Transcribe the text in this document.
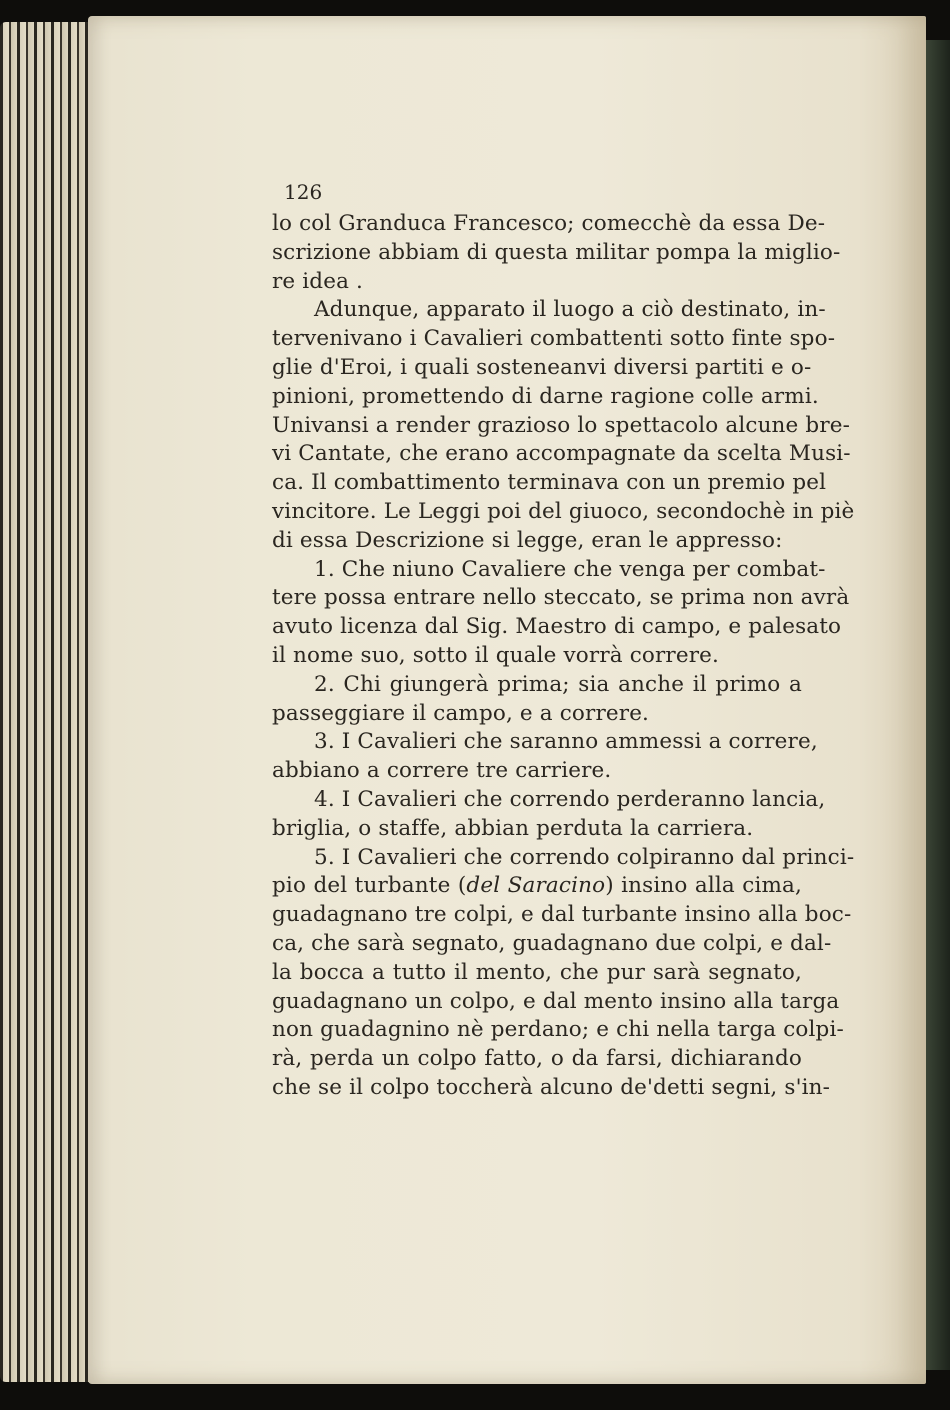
126
lo col Granduca Francesco; comecchè da essa De-
scrizione abbiam di questa militar pompa la miglio-
re idea .
Adunque, apparato il luogo a ciò destinato, in-
tervenivano i Cavalieri combattenti sotto finte spo-
glie d'Eroi, i quali sosteneanvi diversi partiti e o-
pinioni, promettendo di darne ragione colle armi.
Univansi a render grazioso lo spettacolo alcune bre-
vi Cantate, che erano accompagnate da scelta Musi-
ca. Il combattimento terminava con un premio pel
vincitore. Le Leggi poi del giuoco, secondochè in piè
di essa Descrizione si legge, eran le appresso:
1. Che niuno Cavaliere che venga per combat-
tere possa entrare nello steccato, se prima non avrà
avuto licenza dal Sig. Maestro di campo, e palesato
il nome suo, sotto il quale vorrà correre.
2. Chi giungerà prima; sia anche il primo a
passeggiare il campo, e a correre.
3. I Cavalieri che saranno ammessi a correre,
abbiano a correre tre carriere.
4. I Cavalieri che correndo perderanno lancia,
briglia, o staffe, abbian perduta la carriera.
5. I Cavalieri che correndo colpiranno dal princi-
pio del turbante (del Saracino) insino alla cima,
guadagnano tre colpi, e dal turbante insino alla boc-
ca, che sarà segnato, guadagnano due colpi, e dal-
la bocca a tutto il mento, che pur sarà segnato,
guadagnano un colpo, e dal mento insino alla targa
non guadagnino nè perdano; e chi nella targa colpi-
rà, perda un colpo fatto, o da farsi, dichiarando
che se il colpo toccherà alcuno de'detti segni, s'in-
